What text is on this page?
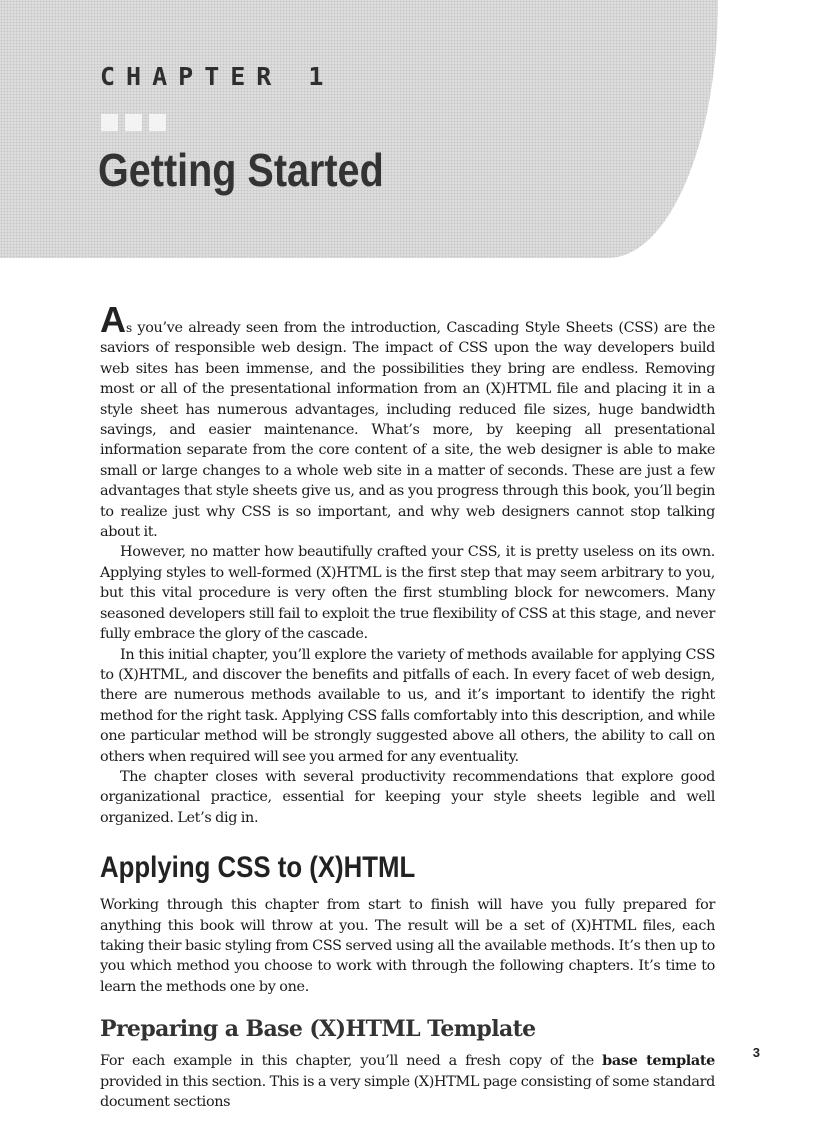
CHAPTER 1
Getting Started

As you’ve already seen from the introduction, Cascading Style Sheets (CSS) are the saviors of responsible web design. The impact of CSS upon the way developers build web sites has been immense, and the possibilities they bring are endless. Removing most or all of the presentational information from an (X)HTML file and placing it in a style sheet has numerous advantages, including reduced file sizes, huge bandwidth savings, and easier maintenance. What’s more, by keeping all presentational information separate from the core content of a site, the web designer is able to make small or large changes to a whole web site in a matter of seconds. These are just a few advantages that style sheets give us, and as you progress through this book, you’ll begin to realize just why CSS is so important, and why web designers cannot stop talking about it.

However, no matter how beautifully crafted your CSS, it is pretty useless on its own. Applying styles to well-formed (X)HTML is the first step that may seem arbitrary to you, but this vital procedure is very often the first stumbling block for newcomers. Many seasoned developers still fail to exploit the true flexibility of CSS at this stage, and never fully embrace the glory of the cascade.

In this initial chapter, you’ll explore the variety of methods available for applying CSS to (X)HTML, and discover the benefits and pitfalls of each. In every facet of web design, there are numerous methods available to us, and it’s important to identify the right method for the right task. Applying CSS falls comfortably into this description, and while one particular method will be strongly suggested above all others, the ability to call on others when required will see you armed for any eventuality.

The chapter closes with several productivity recommendations that explore good organizational practice, essential for keeping your style sheets legible and well organized. Let’s dig in.

Applying CSS to (X)HTML

Working through this chapter from start to finish will have you fully prepared for anything this book will throw at you. The result will be a set of (X)HTML files, each taking their basic styling from CSS served using all the available methods. It’s then up to you which method you choose to work with through the following chapters. It’s time to learn the methods one by one.

Preparing a Base (X)HTML Template

For each example in this chapter, you’ll need a fresh copy of the base template provided in this section. This is a very simple (X)HTML page consisting of some standard document sections

3
